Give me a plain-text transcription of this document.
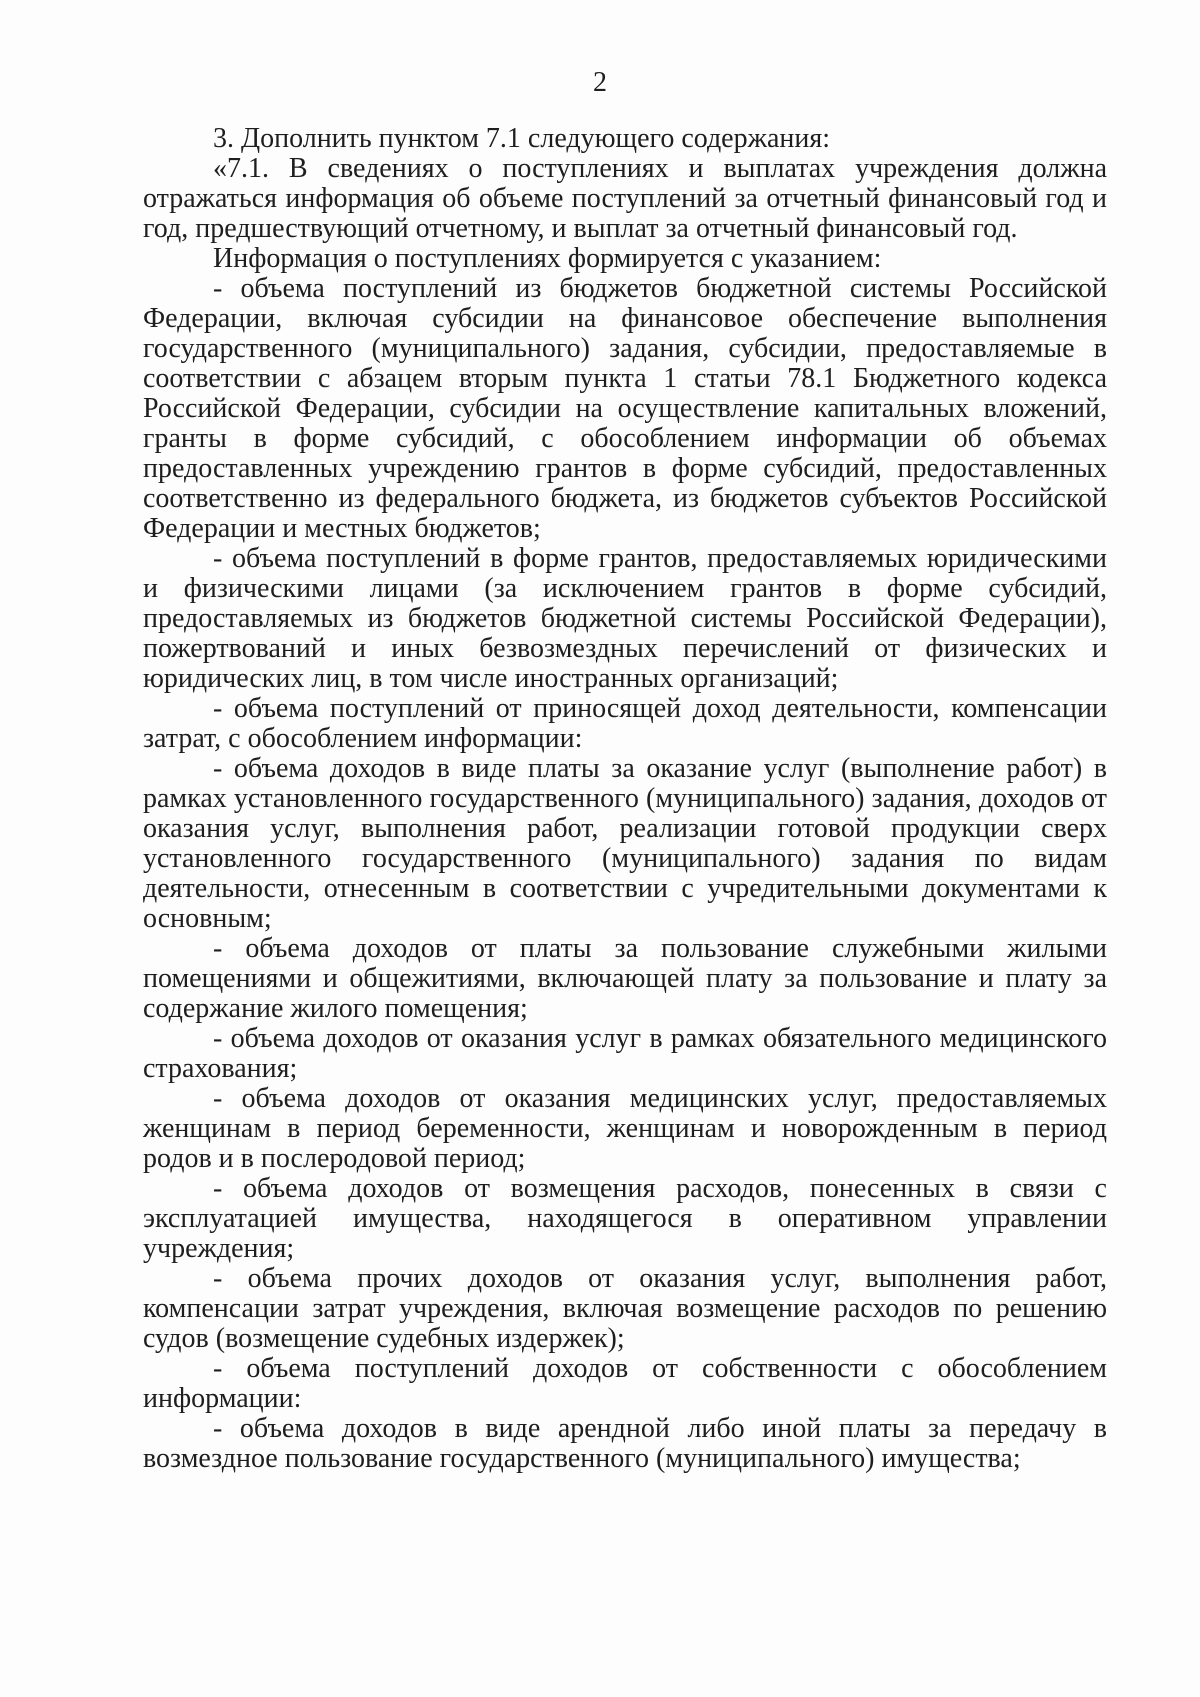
2

3. Дополнить пунктом 7.1 следующего содержания:

«7.1. В сведениях о поступлениях и выплатах учреждения должна отражаться информация об объеме поступлений за отчетный финансовый год и год, предшествующий отчетному, и выплат за отчетный финансовый год.

Информация о поступлениях формируется с указанием:

- объема поступлений из бюджетов бюджетной системы Российской Федерации, включая субсидии на финансовое обеспечение выполнения государственного (муниципального) задания, субсидии, предоставляемые в соответствии с абзацем вторым пункта 1 статьи 78.1 Бюджетного кодекса Российской Федерации, субсидии на осуществление капитальных вложений, гранты в форме субсидий, с обособлением информации об объемах предоставленных учреждению грантов в форме субсидий, предоставленных соответственно из федерального бюджета, из бюджетов субъектов Российской Федерации и местных бюджетов;

- объема поступлений в форме грантов, предоставляемых юридическими и физическими лицами (за исключением грантов в форме субсидий, предоставляемых из бюджетов бюджетной системы Российской Федерации), пожертвований и иных безвозмездных перечислений от физических и юридических лиц, в том числе иностранных организаций;

- объема поступлений от приносящей доход деятельности, компенсации затрат, с обособлением информации:

- объема доходов в виде платы за оказание услуг (выполнение работ) в рамках установленного государственного (муниципального) задания, доходов от оказания услуг, выполнения работ, реализации готовой продукции сверх установленного государственного (муниципального) задания по видам деятельности, отнесенным в соответствии с учредительными документами к основным;

- объема доходов от платы за пользование служебными жилыми помещениями и общежитиями, включающей плату за пользование и плату за содержание жилого помещения;

- объема доходов от оказания услуг в рамках обязательного медицинского страхования;

- объема доходов от оказания медицинских услуг, предоставляемых женщинам в период беременности, женщинам и новорожденным в период родов и в послеродовой период;

- объема доходов от возмещения расходов, понесенных в связи с эксплуатацией имущества, находящегося в оперативном управлении учреждения;

- объема прочих доходов от оказания услуг, выполнения работ, компенсации затрат учреждения, включая возмещение расходов по решению судов (возмещение судебных издержек);

- объема поступлений доходов от собственности с обособлением информации:

- объема доходов в виде арендной либо иной платы за передачу в возмездное пользование государственного (муниципального) имущества;
